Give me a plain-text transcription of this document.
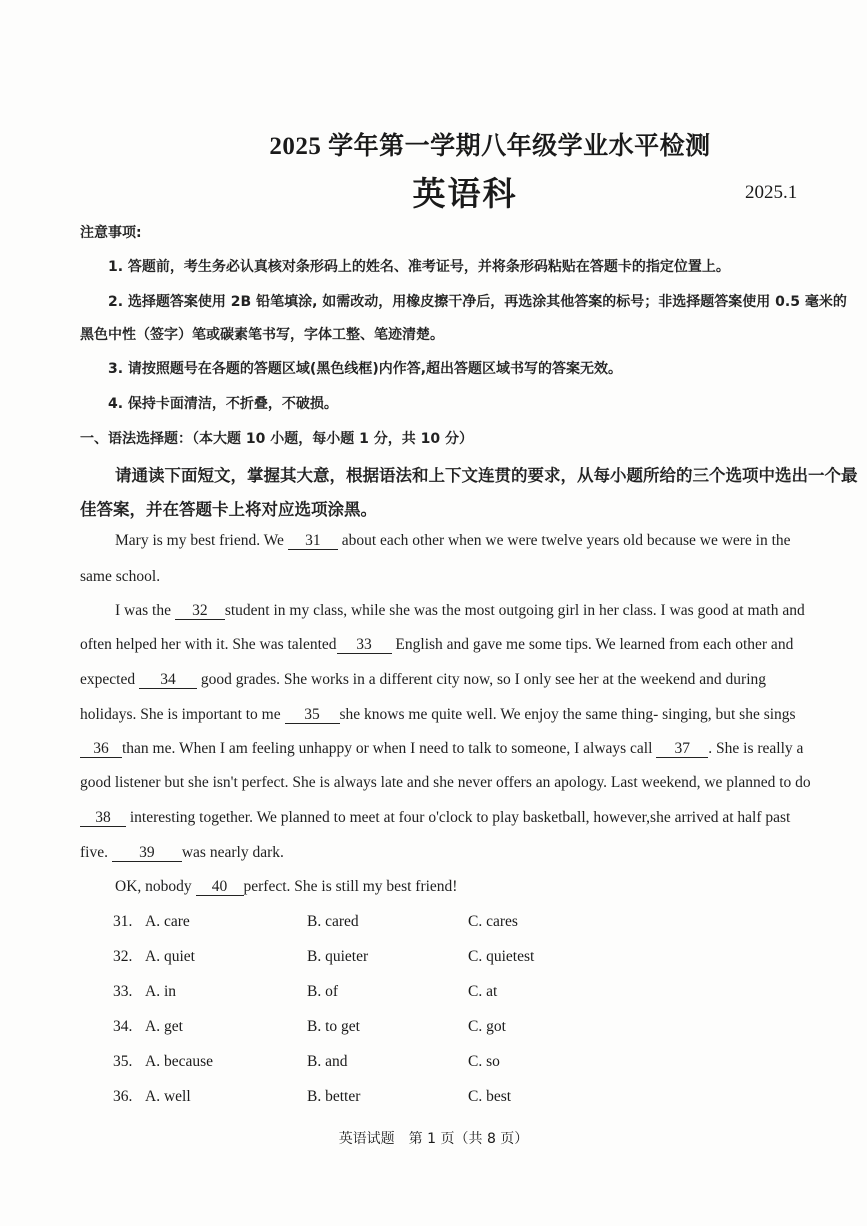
2025 学年第一学期八年级学业水平检测
英语科	2025.1
注意事项:
1. 答题前，考生务必认真核对条形码上的姓名、准考证号，并将条形码粘贴在答题卡的指定位置上。
2. 选择题答案使用 2B 铅笔填涂, 如需改动，用橡皮擦干净后，再选涂其他答案的标号；非选择题答案使用 0.5 毫米的
黑色中性（签字）笔或碳素笔书写，字体工整、笔迹清楚。
3. 请按照题号在各题的答题区域(黑色线框)内作答,超出答题区域书写的答案无效。
4. 保持卡面清洁，不折叠，不破损。
一、语法选择题：（本大题 10 小题，每小题 1 分，共 10 分）
请通读下面短文，掌握其大意，根据语法和上下文连贯的要求，从每小题所给的三个选项中选出一个最
佳答案，并在答题卡上将对应选项涂黑。
Mary is my best friend. We 31 about each other when we were twelve years old because we were in the
same school.
I was the 32 student in my class, while she was the most outgoing girl in her class. I was good at math and
often helped her with it. She was talented 33 English and gave me some tips. We learned from each other and
expected 34 good grades. She works in a different city now, so I only see her at the weekend and during
holidays. She is important to me 35 she knows me quite well. We enjoy the same thing- singing, but she sings
36 than me. When I am feeling unhappy or when I need to talk to someone, I always call 37 . She is really a
good listener but she isn't perfect. She is always late and she never offers an apology. Last weekend, we planned to do
38 interesting together. We planned to meet at four o'clock to play basketball, however,she arrived at half past
five. 39 was nearly dark.
OK, nobody 40 perfect. She is still my best friend!
31. A. care	B. cared	C. cares
32. A. quiet	B. quieter	C. quietest
33. A. in	B. of	C. at
34. A. get	B. to get	C. got
35. A. because	B. and	C. so
36. A. well	B. better	C. best
英语试题　第 1 页（共 8 页）
